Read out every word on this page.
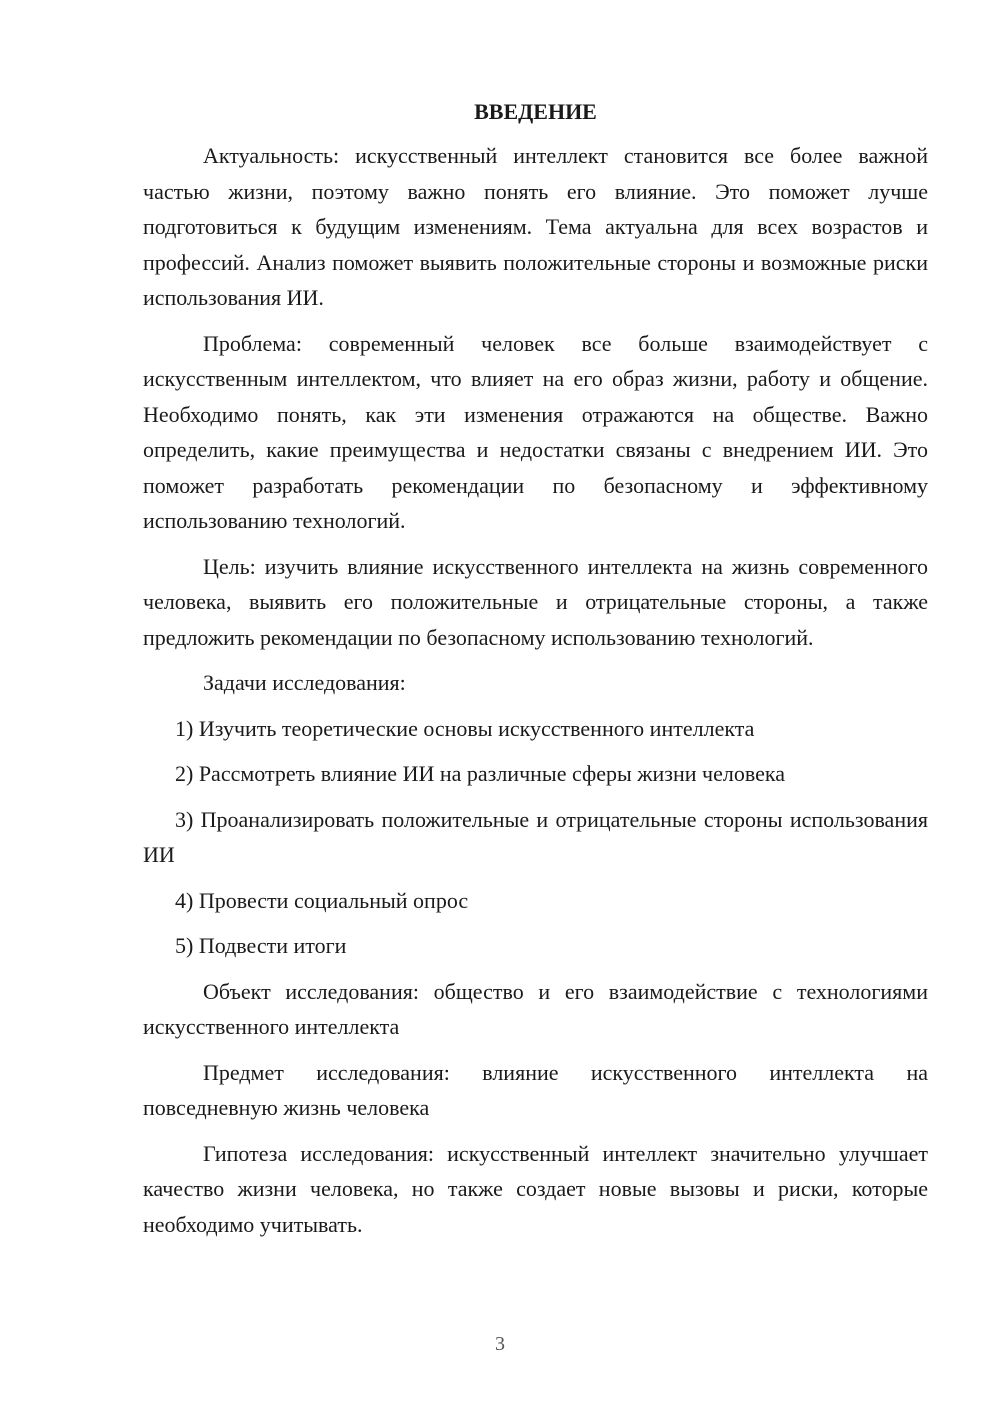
ВВЕДЕНИЕ

Актуальность: искусственный интеллект становится все более важной частью жизни, поэтому важно понять его влияние. Это поможет лучше подготовиться к будущим изменениям. Тема актуальна для всех возрастов и профессий. Анализ поможет выявить положительные стороны и возможные риски использования ИИ.

Проблема: современный человек все больше взаимодействует с искусственным интеллектом, что влияет на его образ жизни, работу и общение. Необходимо понять, как эти изменения отражаются на обществе. Важно определить, какие преимущества и недостатки связаны с внедрением ИИ. Это поможет разработать рекомендации по безопасному и эффективному использованию технологий.

Цель: изучить влияние искусственного интеллекта на жизнь современного человека, выявить его положительные и отрицательные стороны, а также предложить рекомендации по безопасному использованию технологий.

Задачи исследования:

1) Изучить теоретические основы искусственного интеллекта

2) Рассмотреть влияние ИИ на различные сферы жизни человека

3) Проанализировать положительные и отрицательные стороны использования ИИ

4) Провести социальный опрос

5) Подвести итоги

Объект исследования: общество и его взаимодействие с технологиями искусственного интеллекта

Предмет исследования: влияние искусственного интеллекта на повседневную жизнь человека

Гипотеза исследования: искусственный интеллект значительно улучшает качество жизни человека, но также создает новые вызовы и риски, которые необходимо учитывать.

3
